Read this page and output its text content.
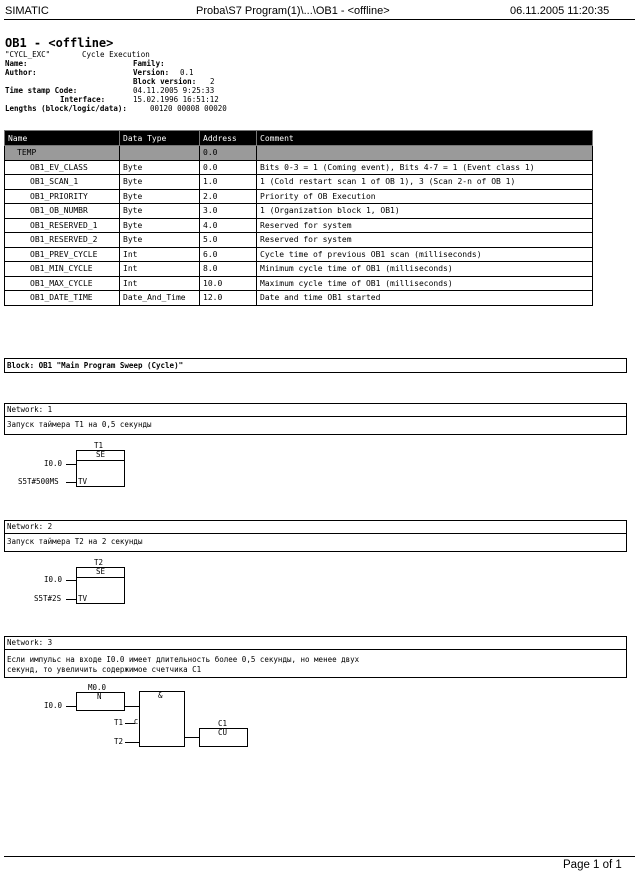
SIMATIC	Proba\S7 Program(1)\...\OB1 - <offline>	06.11.2005 11:20:35
OB1 - <offline>
"CYCL_EXC"	Cycle Execution
Name:	Family:
Author:	Version: 0.1
Block version: 2
Time stamp Code:	04.11.2005 9:25:33
Interface:	15.02.1996 16:51:12
Lengths (block/logic/data):	00120 00008 00020
Name	Data Type	Address	Comment
TEMP		0.0	
OB1_EV_CLASS	Byte	0.0	Bits 0-3 = 1 (Coming event), Bits 4-7 = 1 (Event class 1)
OB1_SCAN_1	Byte	1.0	1 (Cold restart scan 1 of OB 1), 3 (Scan 2-n of OB 1)
OB1_PRIORITY	Byte	2.0	Priority of OB Execution
OB1_OB_NUMBR	Byte	3.0	1 (Organization block 1, OB1)
OB1_RESERVED_1	Byte	4.0	Reserved for system
OB1_RESERVED_2	Byte	5.0	Reserved for system
OB1_PREV_CYCLE	Int	6.0	Cycle time of previous OB1 scan (milliseconds)
OB1_MIN_CYCLE	Int	8.0	Minimum cycle time of OB1 (milliseconds)
OB1_MAX_CYCLE	Int	10.0	Maximum cycle time of OB1 (milliseconds)
OB1_DATE_TIME	Date_And_Time	12.0	Date and time OB1 started
Block: OB1 "Main Program Sweep (Cycle)"
Network: 1
Запуск таймера Т1 на 0,5 секунды
T1
SE
I0.0
S5T#500MS	TV
Network: 2
Запуск таймера Т2 на 2 секунды
T2
SE
I0.0
S5T#2S TV
Network: 3
Если импульс на входе I0.0 имеет длительность более 0,5 секунды, но менее двух
секунд, то увеличить содержимое счетчика С1
M0.0
N
I0.0
&
T1 C
T2
C1
CU
Page 1 of 1
